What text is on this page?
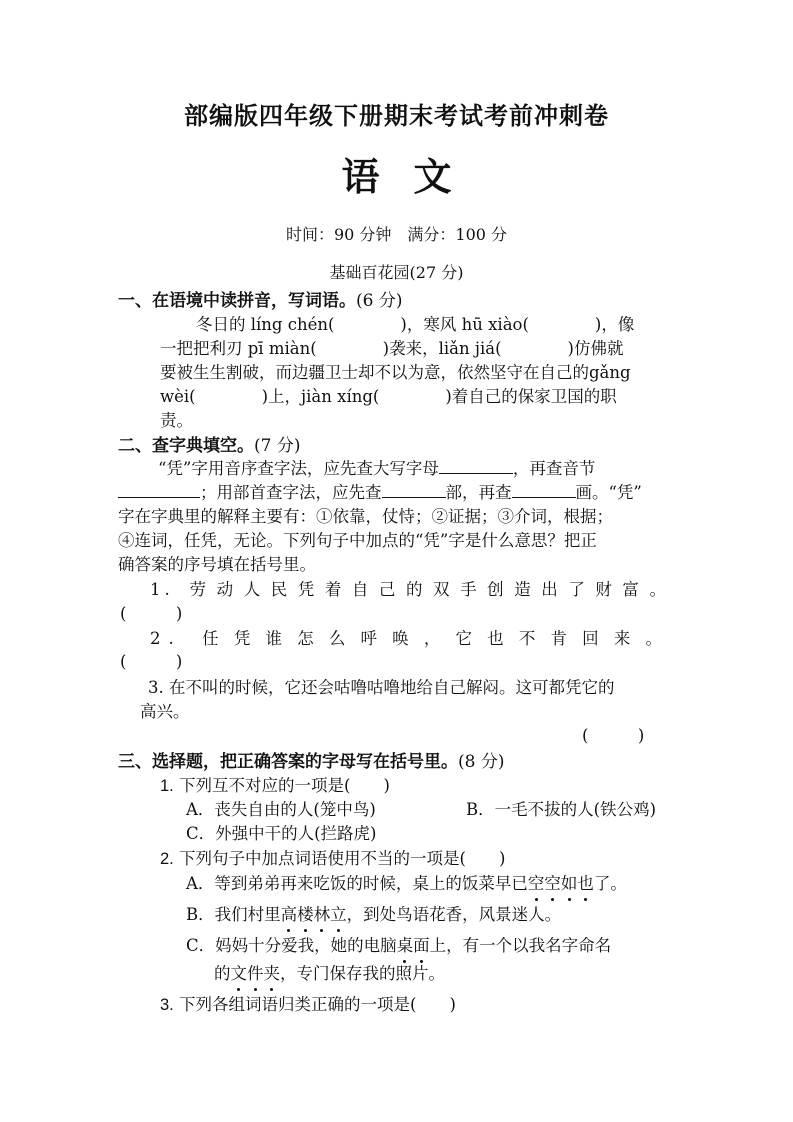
部编版四年级下册期末考试考前冲刺卷
语文
时间：90 分钟　满分：100 分
基础百花园(27 分)
一、在语境中读拼音，写词语。(6 分)
冬日的 líng chén(　　　　)，寒风 hū xiào(　　　　)，像
一把把利刃 pī miàn(　　　　)袭来，liǎn jiá(　　　　)仿佛就
要被生生割破，而边疆卫士却不以为意，依然坚守在自己的gǎng
wèi(　　　　)上，jiàn xíng(　　　　)着自己的保家卫国的职
责。
二、查字典填空。(7 分)
“凭”字用音序查字法，应先查大写字母	，再查音节
；用部首查字法，应先查	部，再查	画。“凭”
字在字典里的解释主要有：①依靠，仗恃；②证据；③介词，根据；
④连词，任凭，无论。下列句子中加点的“凭”字是什么意思？把正
确答案的序号填在括号里。
1. 劳动人民凭着自己的双手创造出了财富。
(　　　)
2. 任凭谁怎么呼唤，它也不肯回来。
(　　　)
3. 在不叫的时候，它还会咕噜咕噜地给自己解闷。这可都凭它的
高兴。
(　　　)
三、选择题，把正确答案的字母写在括号里。(8 分)
1. 下列互不对应的一项是(　　)
A．丧失自由的人(笼中鸟)	B．一毛不拔的人(铁公鸡)
C．外强中干的人(拦路虎)
2. 下列句子中加点词语使用不当的一项是(　　)
A．等到弟弟再来吃饭的时候，桌上的饭菜早已空空如也了。
B．我们村里高楼林立，到处鸟语花香，风景迷人。
C．妈妈十分爱我，她的电脑桌面上，有一个以我名字命名
的文件夹，专门保存我的照片。
3. 下列各组词语归类正确的一项是(　　)
